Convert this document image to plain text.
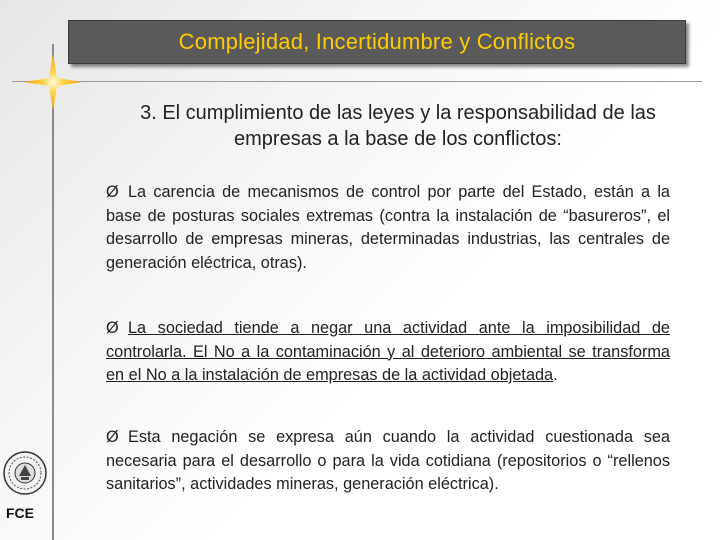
Complejidad, Incertidumbre y Conflictos
3. El cumplimiento de las leyes y la responsabilidad de las
empresas a la base de los conflictos:

Ø La carencia de mecanismos de control por parte del Estado, están a la base de posturas sociales extremas (contra la instalación de “basureros”, el desarrollo de empresas mineras, determinadas industrias, las centrales de generación eléctrica, otras).

Ø La sociedad tiende a negar una actividad ante la imposibilidad de controlarla. El No a la contaminación y al deterioro ambiental se transforma en el No a la instalación de empresas de la actividad objetada.

Ø Esta negación se expresa aún cuando la actividad cuestionada sea necesaria para el desarrollo o para la vida cotidiana (repositorios o “rellenos sanitarios”, actividades mineras, generación eléctrica).

FCE
